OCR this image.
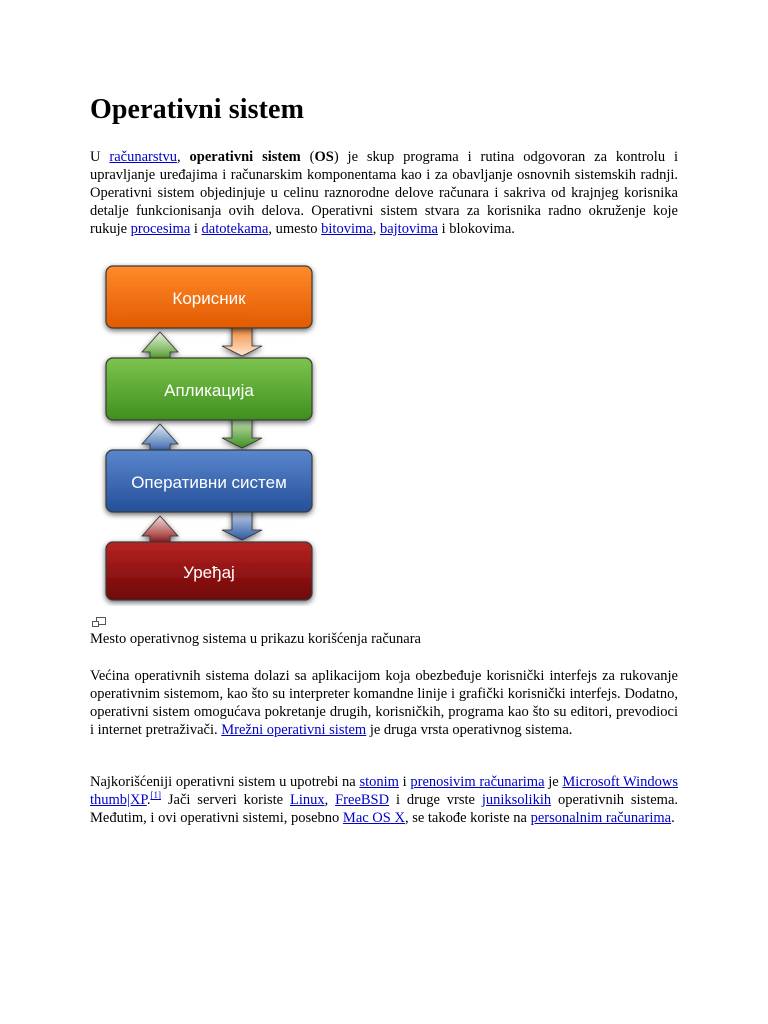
Operativni sistem

U računarstvu, operativni sistem (OS) je skup programa i rutina odgovoran za kontrolu i upravljanje uređajima i računarskim komponentama kao i za obavljanje osnovnih sistemskih radnji. Operativni sistem objedinjuje u celinu raznorodne delove računara i sakriva od krajnjeg korisnika detalje funkcionisanja ovih delova. Operativni sistem stvara za korisnika radno okruženje koje rukuje procesima i datotekama, umesto bitovima, bajtovima i blokovima.

Корисник
Апликација
Оперативни систем
Уређај

Mesto operativnog sistema u prikazu korišćenja računara

Većina operativnih sistema dolazi sa aplikacijom koja obezbeđuje korisnički interfejs za rukovanje operativnim sistemom, kao što su interpreter komandne linije i grafički korisnički interfejs. Dodatno, operativni sistem omogućava pokretanje drugih, korisničkih, programa kao što su editori, prevodioci i internet pretraživači. Mrežni operativni sistem je druga vrsta operativnog sistema.

Najkorišćeniji operativni sistem u upotrebi na stonim i prenosivim računarima je Microsoft Windows thumb|XP.[1] Jači serveri koriste Linux, FreeBSD i druge vrste juniksolikih operativnih sistema. Međutim, i ovi operativni sistemi, posebno Mac OS X, se takođe koriste na personalnim računarima.
